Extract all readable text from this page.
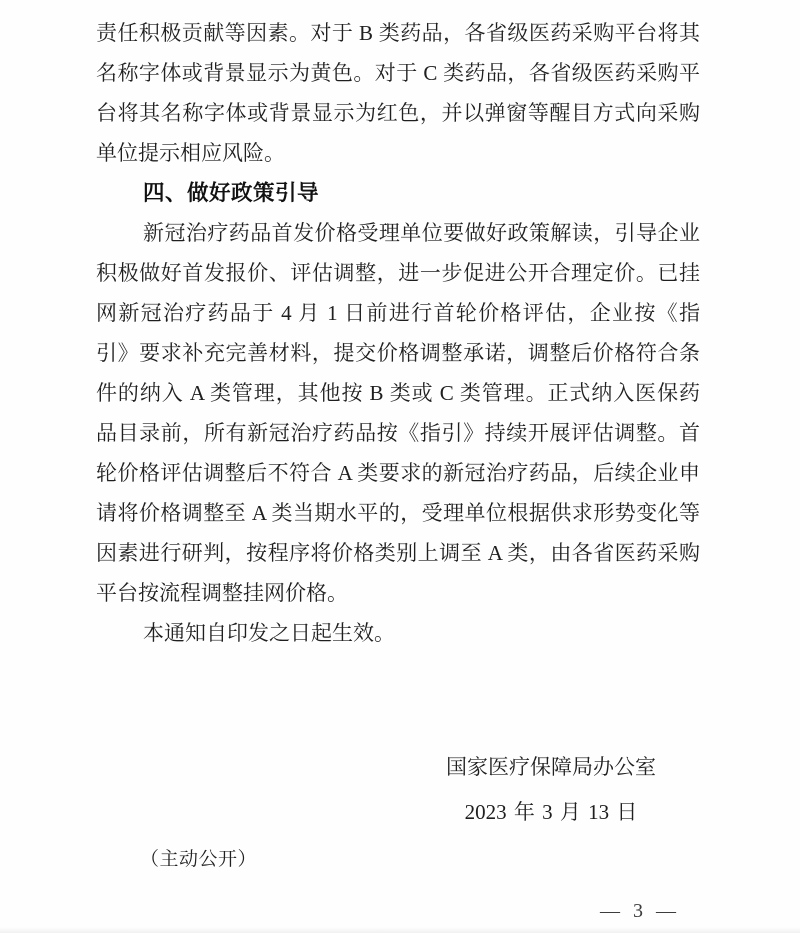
责任积极贡献等因素。对于 B 类药品，各省级医药采购平台将其
名称字体或背景显示为黄色。对于 C 类药品，各省级医药采购平
台将其名称字体或背景显示为红色，并以弹窗等醒目方式向采购
单位提示相应风险。
四、做好政策引导
新冠治疗药品首发价格受理单位要做好政策解读，引导企业
积极做好首发报价、评估调整，进一步促进公开合理定价。已挂
网新冠治疗药品于 4 月 1 日前进行首轮价格评估，企业按《指
引》要求补充完善材料，提交价格调整承诺，调整后价格符合条
件的纳入 A 类管理，其他按 B 类或 C 类管理。正式纳入医保药
品目录前，所有新冠治疗药品按《指引》持续开展评估调整。首
轮价格评估调整后不符合 A 类要求的新冠治疗药品，后续企业申
请将价格调整至 A 类当期水平的，受理单位根据供求形势变化等
因素进行研判，按程序将价格类别上调至 A 类，由各省医药采购
平台按流程调整挂网价格。
本通知自印发之日起生效。
国家医疗保障局办公室
2023 年 3 月 13 日
（主动公开）
— 3 —
